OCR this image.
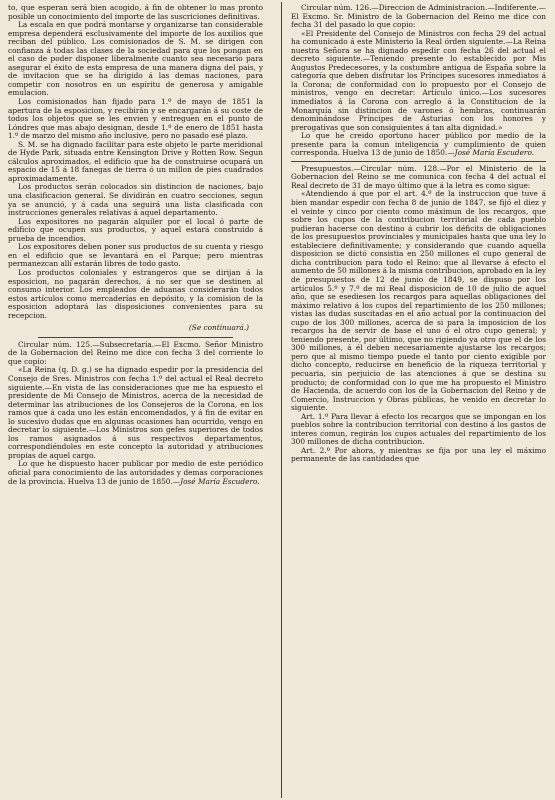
to, que esperan será bien acogido, á fin de obtener lo mas pronto posible un conocimiento del importe de las suscriciones definitivas.

La escala en que podrá montarse y organizarse tan considerable empresa dependerá esclusivamente del importe de los auxilios que reciban del público. Los comisionados de S. M. se dirigen con confianza á todas las clases de la sociedad para que los pongan en el caso de poder disponer liberalmente cuanto sea necesario para asegurar el éxito de esta empresa de una manera digna del pais, y de invitacion que se ha dirigido á las demas naciones, para competir con nosotros en un espíritu de generosa y amigable emulacion.

Los comisionados han fijado para 1.º de mayo de 1851 la apertura de la esposicion, y recibirán y se encargarán á su coste de todos los objetos que se les envien y entreguen en el punto de Lóndres que mas abajo designan, desde 1.º de enero de 1851 hasta 1.º de marzo del mismo año inclusive, pero no pasado esé plazo.

S. M. se ha dignado facilitar para este objeto le parte meridional de Hyde Park, situada entre Kensington Drive y Rotten Row. Segun cálculos aproximados, el edificio que ha de construirse ocupará un espacio de 15 á 18 fanegas de tierra ó un millon de pies cuadrados aproximadamente.

Los productos serán colocados sin distincion de naciones, bajo una clasificacion general. Se dividirán en cuatro secciones, segun ya se anunció, y á cada una seguirá una lista clasificada con instrucciones generales relativas á aquel departamento.

Los expositores no pagarán alquiler por el local ó parte de edificio que ocupen sus productos, y aquel estará construido á prueba de incendios.

Los expositores deben poner sus productos de su cuenta y riesgo en el edificio que se levantará en el Parque; pero mientras permanezcan allí estarán libres de todo gasto.

Los productos coloniales y estrangeros que se dirijan á la esposicion, no pagarán derechos, á no ser que se destinen al consumo interior. Los empleados de aduanas considerarán todos estos artículos como mercaderías en depósito, y la comision de la esposicion adoptará las disposiciones convenientes para su recepcion.

(Se continuará.)

Circular núm. 125.—Subsecretaría.—El Excmo. Señor Ministro de la Gobernacion del Reino me dice con fecha 3 del corriente lo que copio:

«La Reina (q. D. g.) se ha dignado espedir por la presidencia del Consejo de Sres. Ministros con fecha 1.º del actual el Real decreto siguiente.—En vista de las consideraciones que me ha espuesto el presidente de Mi Consejo de Ministros, acerca de la necesidad de determinar las atribuciones de los Consejeros de la Corona, en los ramos que á cada uno les están encomendados, y á fin de evitar en lo sucesivo dudas que en algunas ocasiones han ocurrido, vengo en decretar lo siguiente.—Los Ministros son gefes superiores de todos los ramos asignados á sus respectivos departamentos, correspondiéndoles en este concepto la autoridad y atribuciones propias de aquel cargo.

Lo que he dispuesto hacer publicar por medio de este periódico oficial para conocimiento de las autoridades y demas corporaciones de la provincia. Huelva 13 de junio de 1850.—José María Escudero.

Circular núm. 126.—Direccion de Administracion.—Indiferente.—El Excmo. Sr. Ministro de la Gobernacion del Reino me dice con fecha 31 del pasado lo que copio:

«El Presidente del Consejo de Ministros con fecha 29 del actual ha comunicado á este Ministerio la Real órden siguiente.—La Reina nuestra Señora se ha dignado espedir con fecha 26 del actual el decreto siguiente.—Teniendo presente lo establecido por Mis Augustos Predecesores, y la costumbre antigua de España sobre la categoría que deben disfrutar los Príncipes sucesores inmediatos á la Corona; de conformidad con lo propuesto por el Consejo de ministros, vengo en decretar: Artículo único.—Los sucesores inmediatos á la Corona con arreglo á la Constitucion de la Monarquía sin distincion de varones ó hembras, continuarán denominándose Príncipes de Asturias con los honores y prerogativas que son consiguientes á tan alta dignidad.»

Lo que he creido oportuno hacer público por medio de la presente para la comun inteligencia y cumplimiento de quien corresponda. Huelva 13 de junio de 1850.—José María Escudero.

Presupuestos.—Circular núm. 128.—Por el Ministerio de la Gobernacion del Reino se me comunica con fecha 4 del actual el Real decreto de 31 de mayo último que á la letra es como sigue:

«Atendiendo á que por el art. 4.º de la instruccion que tuve á bien mandar espedir con fecha 8 de junio de 1847, se fijó el diez y el veinte y cinco por ciento como máximun de los recargos, que sobre los cupos de la contribucion territorial de cada pueblo pudieran hacerse con destino á cubrir los déficits de obligaciones de los presupuestos provinciales y municipales hasta que una ley lo estableciere definitivamente; y considerando que cuando aquella disposicion se dictó consistia en 250 millones el cupo general de dicha contribucion para todo el Reino: que al llevarse á efecto el aumento de 50 millones á la misma contribucion, aprobado en la ley de presupuestos de 12 de junio de 1849, se dispuso por los artículos 5.º y 7.º de mi Real disposicion de 10 de julio de aquel año, que se esediesen los recargos para aquellas obligaciones del máximo relativo á los cupos del repartimiento de los 250 millones; vistas las dudas suscitadas en el año actual por la continuacion del cupo de los 300 millones, acerca de si para la imposicion de los recargos ha de servir de base el uno ó el otro cupo general; y teniendo presente, por último, que no rigiendo ya otro que el de los 300 millones, á él deben necesariamente ajustarse los recargos; pero que al mismo tiempo puede el tanto por ciento exigible por dicho concepto, reducirse en beneficio de la riqueza territorial y pecuaria, sin perjuicio de las atenciones á que se destina su producto; de conformidad con lo que me ha propuesto el Ministro de Hacienda, de acuerdo con los de la Gobernacion del Reino y de Comercio, Instruccion y Obras públicas, he venido en decretar lo siguiente.

Art. 1.º Para llevar á efecto los recargos que se impongan en los pueblos sobre la contribucion territorial con destino á los gastos de interes comun, regirán los cupos actuales del repartimiento de los 300 millones de dicha contribucion.

Art. 2.º Por ahora, y mientras se fija por una ley el máximo permanente de las cantidades que
